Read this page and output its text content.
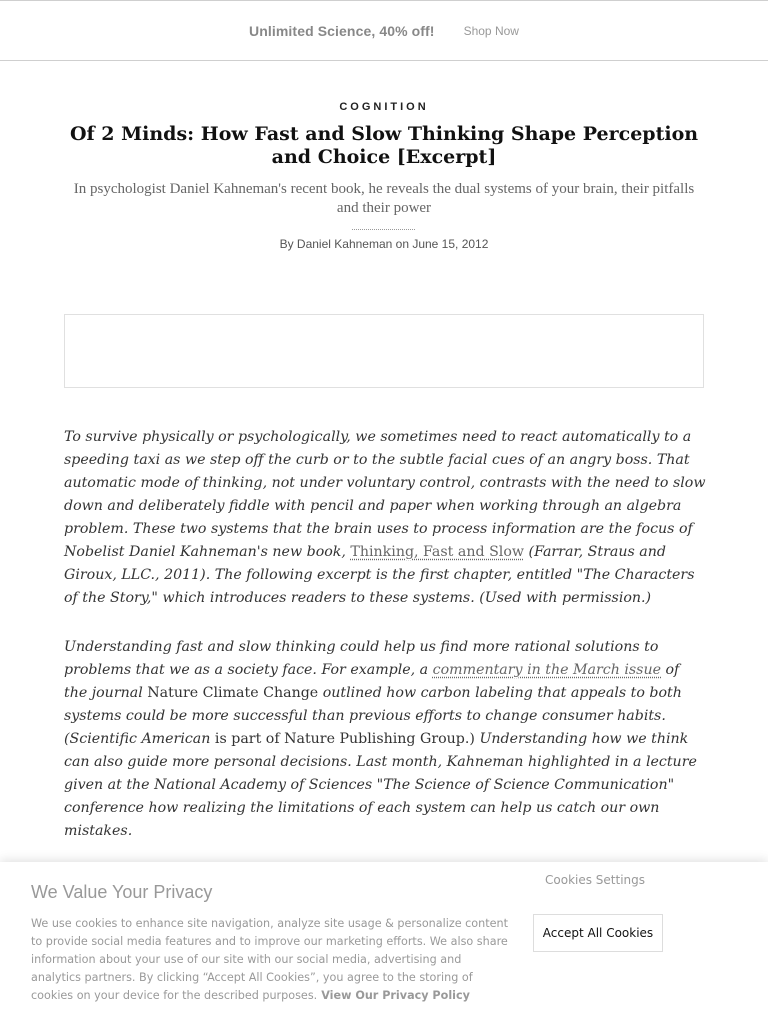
Unlimited Science, 40% off! Shop Now
COGNITION
Of 2 Minds: How Fast and Slow Thinking Shape Perception and Choice [Excerpt]

In psychologist Daniel Kahneman's recent book, he reveals the dual systems of your brain, their pitfalls and their power

By Daniel Kahneman on June 15, 2012

To survive physically or psychologically, we sometimes need to react automatically to a speeding taxi as we step off the curb or to the subtle facial cues of an angry boss. That automatic mode of thinking, not under voluntary control, contrasts with the need to slow down and deliberately fiddle with pencil and paper when working through an algebra problem. These two systems that the brain uses to process information are the focus of Nobelist Daniel Kahneman's new book, Thinking, Fast and Slow (Farrar, Straus and Giroux, LLC., 2011). The following excerpt is the first chapter, entitled "The Characters of the Story," which introduces readers to these systems. (Used with permission.)

Understanding fast and slow thinking could help us find more rational solutions to problems that we as a society face. For example, a commentary in the March issue of the journal Nature Climate Change outlined how carbon labeling that appeals to both systems could be more successful than previous efforts to change consumer habits. (Scientific American is part of Nature Publishing Group.) Understanding how we think can also guide more personal decisions. Last month, Kahneman highlighted in a lecture given at the National Academy of Sciences "The Science of Science Communication" conference how realizing the limitations of each system can help us catch our own mistakes.

We Value Your Privacy

We use cookies to enhance site navigation, analyze site usage & personalize content to provide social media features and to improve our marketing efforts. We also share information about your use of our site with our social media, advertising and analytics partners. By clicking “Accept All Cookies”, you agree to the storing of cookies on your device for the described purposes. View Our Privacy Policy

Cookies Settings
Accept All Cookies
